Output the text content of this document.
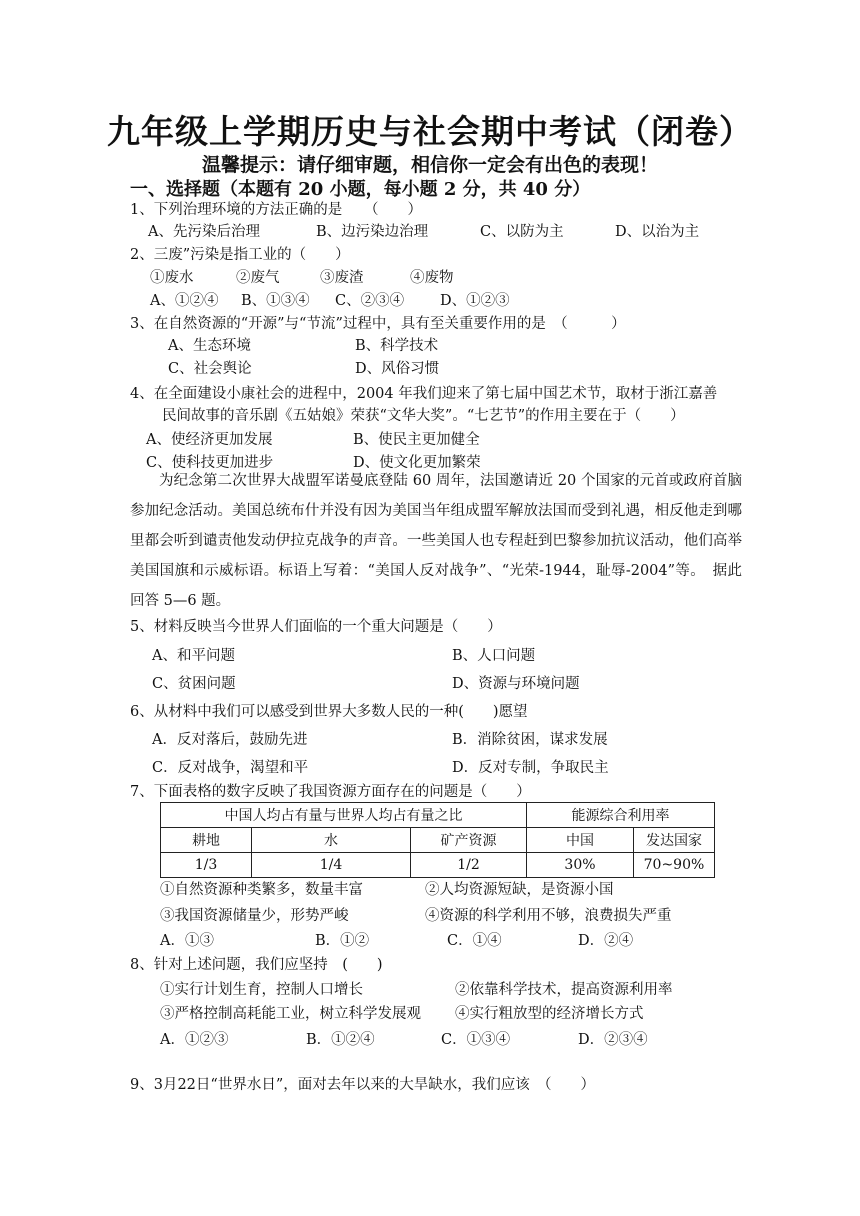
九年级上学期历史与社会期中考试（闭卷）
温馨提示：请仔细审题，相信你一定会有出色的表现！
一、选择题（本题有 20 小题，每小题 2 分，共 40 分）
1、下列治理环境的方法正确的是　　（　　）
A、先污染后治理	B、边污染边治理	C、以防为主	D、以治为主
2、三废”污染是指工业的（　　）
①废水	②废气	③废渣	④废物
A、①②④ B、①③④ C、②③④ D、①②③
3、在自然资源的“开源”与“节流”过程中，具有至关重要作用的是　（　　　）
A、生态环境	B、科学技术
C、社会舆论	D、风俗习惯
4、在全面建设小康社会的进程中，2004 年我们迎来了第七届中国艺术节，取材于浙江嘉善
民间故事的音乐剧《五姑娘》荣获“文华大奖”。“七艺节”的作用主要在于（　　）
A、使经济更加发展	B、使民主更加健全
C、使科技更加进步	D、使文化更加繁荣
为纪念第二次世界大战盟军诺曼底登陆 60 周年，法国邀请近 20 个国家的元首或政府首脑参加纪念活动。美国总统布什并没有因为美国当年组成盟军解放法国而受到礼遇，相反他走到哪里都会听到谴责他发动伊拉克战争的声音。一些美国人也专程赶到巴黎参加抗议活动，他们高举美国国旗和示威标语。标语上写着：“美国人反对战争”、“光荣-1944，耻辱-2004”等。　据此回答 5—6 题。
5、材料反映当今世界人们面临的一个重大问题是（　　）
A、和平问题	B、人口问题
C、贫困问题	D、资源与环境问题
6、从材料中我们可以感受到世界大多数人民的一种(　　)愿望
A．反对落后，鼓励先进	B．消除贫困，谋求发展
C．反对战争，渴望和平	D．反对专制，争取民主
7、下面表格的数字反映了我国资源方面存在的问题是（　　）
中国人均占有量与世界人均占有量之比			能源综合利用率	
耕地	水	矿产资源	中国	发达国家
1/3	1/4	1/2	30%	70~90%
①自然资源种类繁多，数量丰富	②人均资源短缺，是资源小国
③我国资源储量少，形势严峻	④资源的科学利用不够，浪费损失严重
A．①③	B．①②	C．①④	D．②④
8、针对上述问题，我们应坚持　(　　)
①实行计划生育，控制人口增长	②依靠科学技术，提高资源利用率
③严格控制高耗能工业，树立科学发展观 ④实行粗放型的经济增长方式
A．①②③	B．①②④	C．①③④	D．②③④
9、3月22日“世界水日”，面对去年以来的大旱缺水，我们应该　（　　）
